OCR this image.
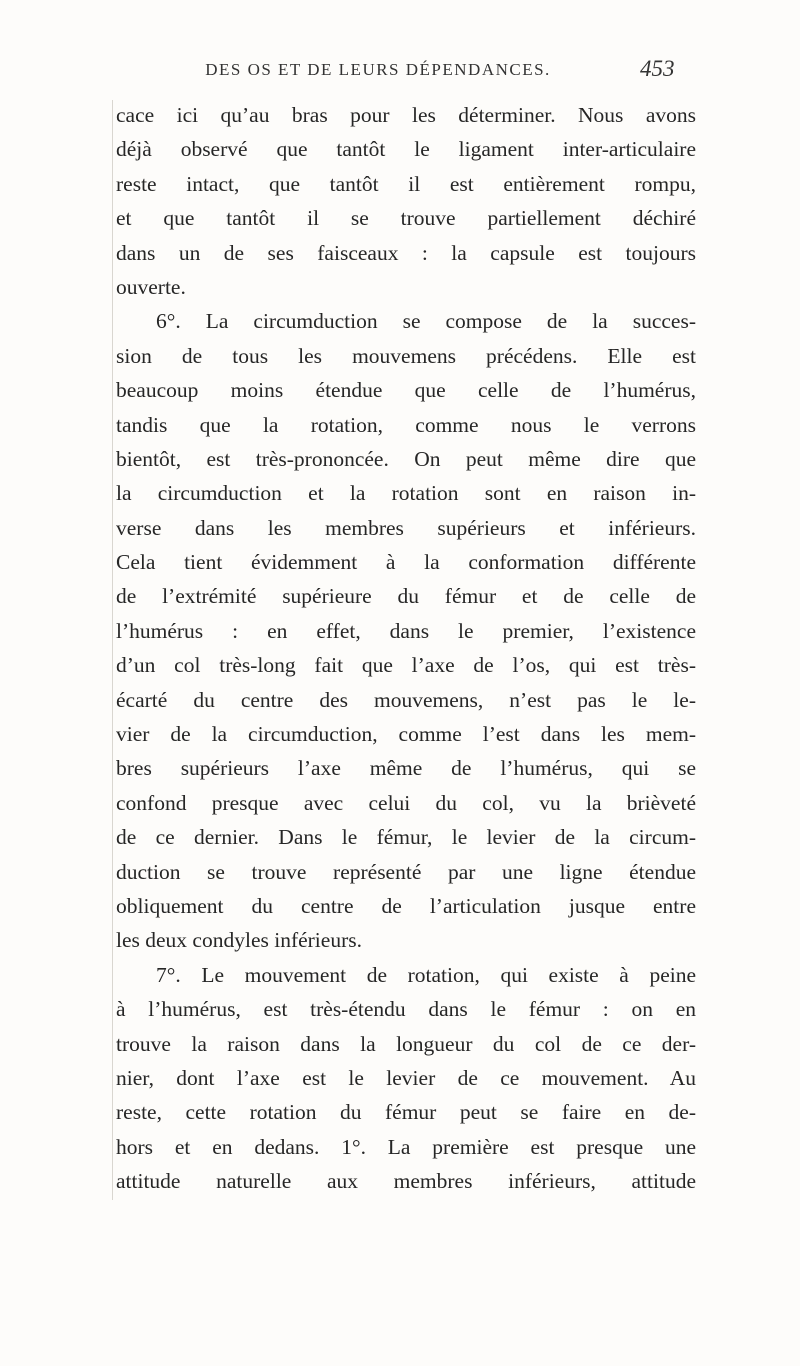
DES OS ET DE LEURS DÉPENDANCES.	453
cace ici qu’au bras pour les déterminer. Nous avons
déjà observé que tantôt le ligament inter-articulaire
reste intact, que tantôt il est entièrement rompu,
et que tantôt il se trouve partiellement déchiré
dans un de ses faisceaux : la capsule est toujours
ouverte.
6°. La circumduction se compose de la succes-
sion de tous les mouvemens précédens. Elle est
beaucoup moins étendue que celle de l’humérus,
tandis que la rotation, comme nous le verrons
bientôt, est très-prononcée. On peut même dire que
la circumduction et la rotation sont en raison in-
verse dans les membres supérieurs et inférieurs.
Cela tient évidemment à la conformation différente
de l’extrémité supérieure du fémur et de celle de
l’humérus : en effet, dans le premier, l’existence
d’un col très-long fait que l’axe de l’os, qui est très-
écarté du centre des mouvemens, n’est pas le le-
vier de la circumduction, comme l’est dans les mem-
bres supérieurs l’axe même de l’humérus, qui se
confond presque avec celui du col, vu la brièveté
de ce dernier. Dans le fémur, le levier de la circum-
duction se trouve représenté par une ligne étendue
obliquement du centre de l’articulation jusque entre
les deux condyles inférieurs.
7°. Le mouvement de rotation, qui existe à peine
à l’humérus, est très-étendu dans le fémur : on en
trouve la raison dans la longueur du col de ce der-
nier, dont l’axe est le levier de ce mouvement. Au
reste, cette rotation du fémur peut se faire en de-
hors et en dedans. 1°. La première est presque une
attitude naturelle aux membres inférieurs, attitude
